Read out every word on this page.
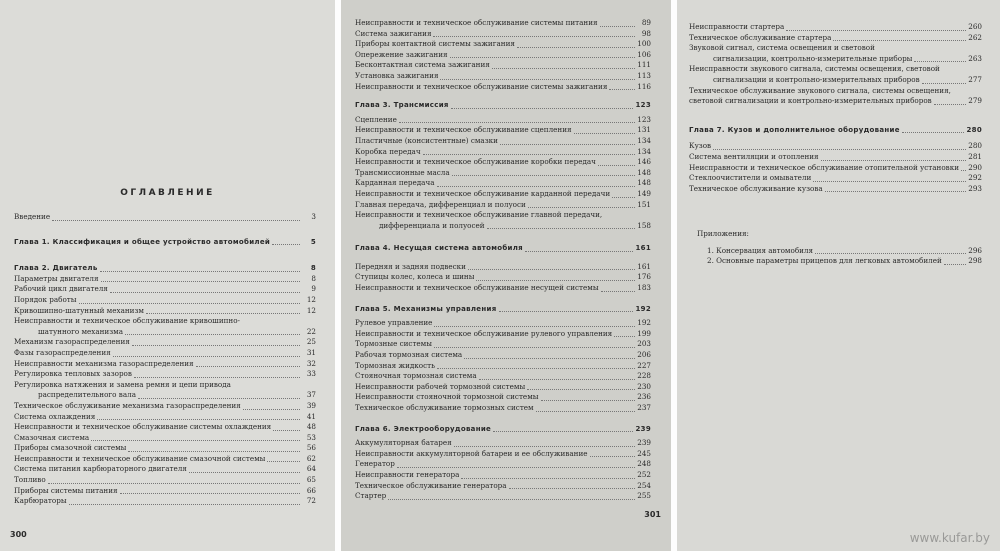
ОГЛАВЛЕНИЕ
Введение	3
Глава 1. Классификация и общее устройство автомобилей	5
Глава 2. Двигатель	8
Параметры двигателя	8
Рабочий цикл двигателя	9
Порядок работы	12
Кривошипно-шатунный механизм	12
Неисправности и техническое обслуживание кривошипно-
шатунного механизма	22
Механизм газораспределения	25
Фазы газораспределения	31
Неисправности механизма газораспределения	32
Регулировка тепловых зазоров	33
Регулировка натяжения и замена ремня и цепи привода
распределительного вала	37
Техническое обслуживание механизма газораспределения	39
Система охлаждения	41
Неисправности и техническое обслуживание системы охлаждения	48
Смазочная система	53
Приборы смазочной системы	56
Неисправности и техническое обслуживание смазочной системы	62
Система питания карбюраторного двигателя	64
Топливо	65
Приборы системы питания	66
Карбюраторы	72
300
Неисправности и техническое обслуживание системы питания	89
Система зажигания	98
Приборы контактной системы зажигания	100
Опережение зажигания	106
Бесконтактная система зажигания	111
Установка зажигания	113
Неисправности и техническое обслуживание системы зажигания	116
Глава 3. Трансмиссия	123
Сцепление	123
Неисправности и техническое обслуживание сцепления	131
Пластичные (консистентные) смазки	134
Коробка передач	134
Неисправности и техническое обслуживание коробки передач	146
Трансмиссионные масла	148
Карданная передача	148
Неисправности и техническое обслуживание карданной передачи	149
Главная передача, дифференциал и полуоси	151
Неисправности и техническое обслуживание главной передачи,
дифференциала и полуосей	158
Глава 4. Несущая система автомобиля	161
Передняя и задняя подвески	161
Ступицы колес, колеса и шины	176
Неисправности и техническое обслуживание несущей системы	183
Глава 5. Механизмы управления	192
Рулевое управление	192
Неисправности и техническое обслуживание рулевого управления	199
Тормозные системы	203
Рабочая тормозная система	206
Тормозная жидкость	227
Стояночная тормозная система	228
Неисправности рабочей тормозной системы	230
Неисправности стояночной тормозной системы	236
Техническое обслуживание тормозных систем	237
Глава 6. Электрооборудование	239
Аккумуляторная батарея	239
Неисправности аккумуляторной батареи и ее обслуживание	245
Генератор	248
Неисправности генератора	252
Техническое обслуживание генератора	254
Стартер	255
301
Неисправности стартера	260
Техническое обслуживание стартера	262
Звуковой сигнал, система освещения и световой
сигнализации, контрольно-измерительные приборы	263
Неисправности звукового сигнала, системы освещения, световой
сигнализации и контрольно-измерительных приборов	277
Техническое обслуживание звукового сигнала, системы освещения,
световой сигнализации и контрольно-измерительных приборов	279
Глава 7. Кузов и дополнительное оборудование	280
Кузов	280
Система вентиляции и отопления	281
Неисправности и техническое обслуживание отопительной установки 290
Стеклоочистители и омыватели	292
Техническое обслуживание кузова	293
Приложения:
1. Консервация автомобиля	296
2. Основные параметры прицепов для легковых автомобилей	298
www.kufar.by
